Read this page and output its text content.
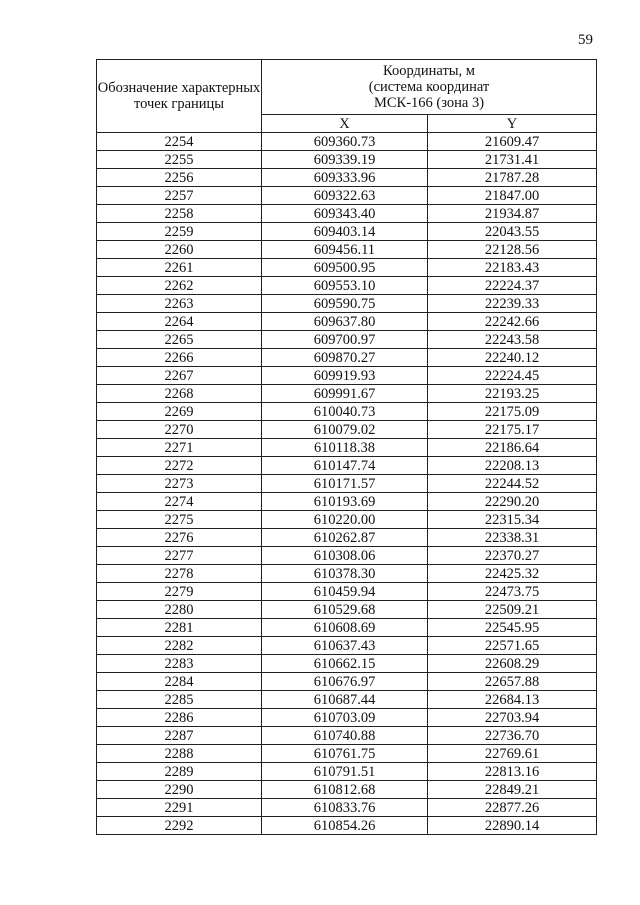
59
Обозначение характерных точек границы	Координаты, м
(система координат
МСК-166 (зона 3)	

	X	Y
2254	609360.73	21609.47
2255	609339.19	21731.41
2256	609333.96	21787.28
2257	609322.63	21847.00
2258	609343.40	21934.87
2259	609403.14	22043.55
2260	609456.11	22128.56
2261	609500.95	22183.43
2262	609553.10	22224.37
2263	609590.75	22239.33
2264	609637.80	22242.66
2265	609700.97	22243.58
2266	609870.27	22240.12
2267	609919.93	22224.45
2268	609991.67	22193.25
2269	610040.73	22175.09
2270	610079.02	22175.17
2271	610118.38	22186.64
2272	610147.74	22208.13
2273	610171.57	22244.52
2274	610193.69	22290.20
2275	610220.00	22315.34
2276	610262.87	22338.31
2277	610308.06	22370.27
2278	610378.30	22425.32
2279	610459.94	22473.75
2280	610529.68	22509.21
2281	610608.69	22545.95
2282	610637.43	22571.65
2283	610662.15	22608.29
2284	610676.97	22657.88
2285	610687.44	22684.13
2286	610703.09	22703.94
2287	610740.88	22736.70
2288	610761.75	22769.61
2289	610791.51	22813.16
2290	610812.68	22849.21
2291	610833.76	22877.26
2292	610854.26	22890.14
